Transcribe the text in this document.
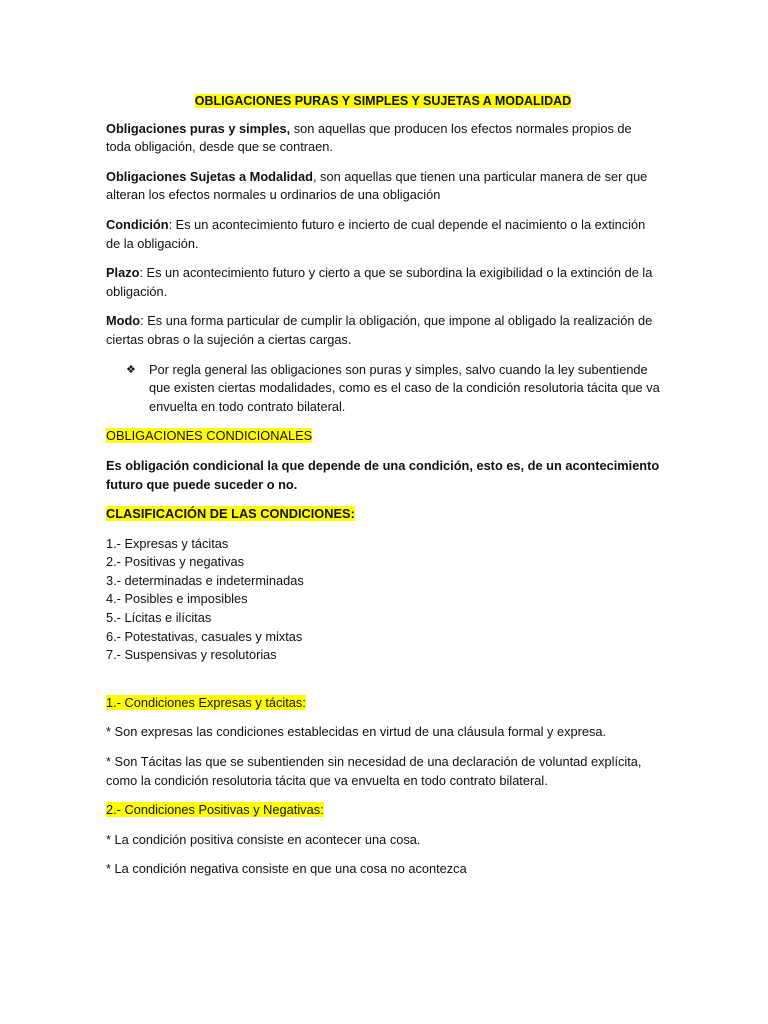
OBLIGACIONES PURAS Y SIMPLES Y SUJETAS A MODALIDAD

Obligaciones puras y simples, son aquellas que producen los efectos normales propios de toda obligación, desde que se contraen.

Obligaciones Sujetas a Modalidad, son aquellas que tienen una particular manera de ser que alteran los efectos normales u ordinarios de una obligación

Condición: Es un acontecimiento futuro e incierto de cual depende el nacimiento o la extinción de la obligación.

Plazo: Es un acontecimiento futuro y cierto a que se subordina la exigibilidad o la extinción de la obligación.

Modo: Es una forma particular de cumplir la obligación, que impone al obligado la realización de ciertas obras o la sujeción a ciertas cargas.

❖ Por regla general las obligaciones son puras y simples, salvo cuando la ley subentiende que existen ciertas modalidades, como es el caso de la condición resolutoria tácita que va envuelta en todo contrato bilateral.
OBLIGACIONES CONDICIONALES

Es obligación condicional la que depende de una condición, esto es, de un acontecimiento futuro que puede suceder o no.

CLASIFICACIÓN DE LAS CONDICIONES:
1.- Expresas y tácitas
2.- Positivas y negativas
3.- determinadas e indeterminadas
4.- Posibles e imposibles
5.- Lícitas e ilícitas
6.- Potestativas, casuales y mixtas
7.- Suspensivas y resolutorias
1.- Condiciones Expresas y tácitas:

* Son expresas las condiciones establecidas en virtud de una cláusula formal y expresa.

* Son Tácitas las que se subentienden sin necesidad de una declaración de voluntad explícita, como la condición resolutoria tácita que va envuelta en todo contrato bilateral.

2.- Condiciones Positivas y Negativas:

* La condición positiva consiste en acontecer una cosa.

* La condición negativa consiste en que una cosa no acontezca
